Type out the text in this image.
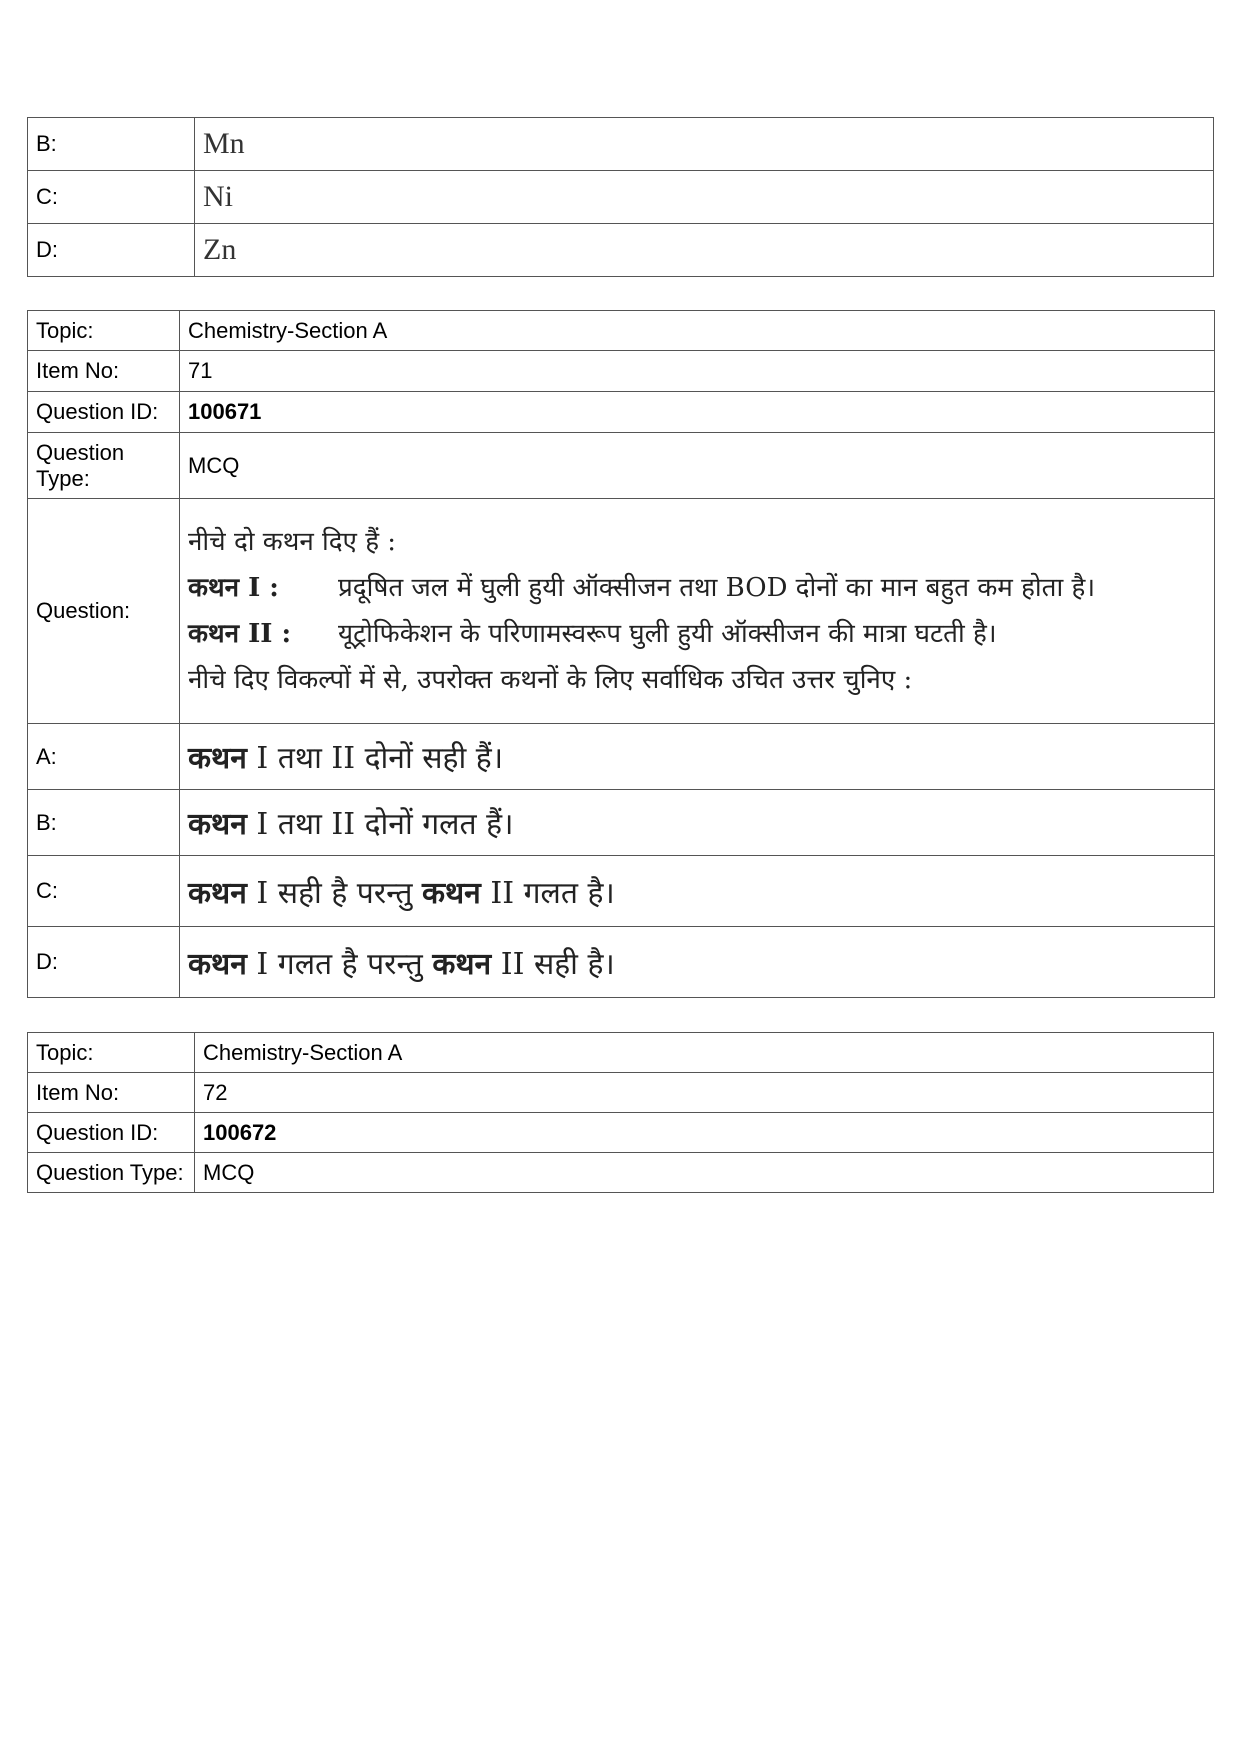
B:	Mn
C:	Ni
D:	Zn
Topic:	Chemistry-Section A
Item No:	71
Question ID:	100671
Question Type:	MCQ
Question:	नीचे दो कथन दिए हैं :
कथन I : प्रदूषित जल में घुली हुयी ऑक्सीजन तथा BOD दोनों का मान बहुत कम होता है।
कथन II : यूट्रोफिकेशन के परिणामस्वरूप घुली हुयी ऑक्सीजन की मात्रा घटती है।
नीचे दिए विकल्पों में से, उपरोक्त कथनों के लिए सर्वाधिक उचित उत्तर चुनिए :

A:	कथन I तथा II दोनों सही हैं।
B:	कथन I तथा II दोनों गलत हैं।
C:	कथन I सही है परन्तु कथन II गलत है।
D:	कथन I गलत है परन्तु कथन II सही है।
Topic:	Chemistry-Section A
Item No:	72
Question ID:	100672
Question Type:	MCQ
